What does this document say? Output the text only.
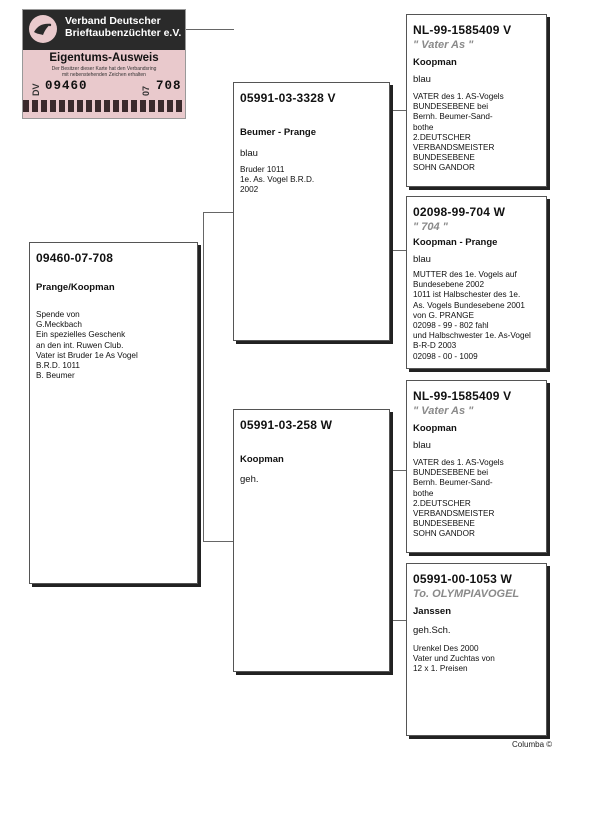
Verband Deutscher
Brieftaubenzüchter e.V.
Eigentums-Ausweis
Der Besitzer dieser Karte hat den Verbandsring
mit nebenstehenden Zeichen erhalten
DV 09460	07 708
09460-07-708
Prange/Koopman
Spende von
G.Meckbach
Ein spezielles Geschenk
an den int. Ruwen Club.
Vater ist Bruder 1e As Vogel
B.R.D. 1011
B. Beumer
05991-03-3328 V
Beumer - Prange
blau
Bruder 1011
1e. As. Vogel B.R.D.
2002
05991-03-258 W
Koopman
geh.
NL-99-1585409 V
" Vater As "
Koopman
blau
VATER des 1. AS-Vogels
BUNDESEBENE bei
Bernh. Beumer-Sand-
bothe
2.DEUTSCHER
VERBANDSMEISTER
BUNDESEBENE
SOHN GANDOR
02098-99-704 W
" 704 "
Koopman - Prange
blau
MUTTER des 1e. Vogels auf
Bundesebene 2002
1011 ist Halbschester des 1e.
As. Vogels Bundesebene 2001
von G. PRANGE
02098 - 99 - 802 fahl
und Halbschwester 1e. As-Vogel
B-R-D 2003
02098 - 00 - 1009
NL-99-1585409 V
" Vater As "
Koopman
blau
VATER des 1. AS-Vogels
BUNDESEBENE bei
Bernh. Beumer-Sand-
bothe
2.DEUTSCHER
VERBANDSMEISTER
BUNDESEBENE
SOHN GANDOR
05991-00-1053 W
To. OLYMPIAVOGEL
Janssen
geh.Sch.
Urenkel Des 2000
Vater und Zuchtas von
12 x 1. Preisen
Columba ©
